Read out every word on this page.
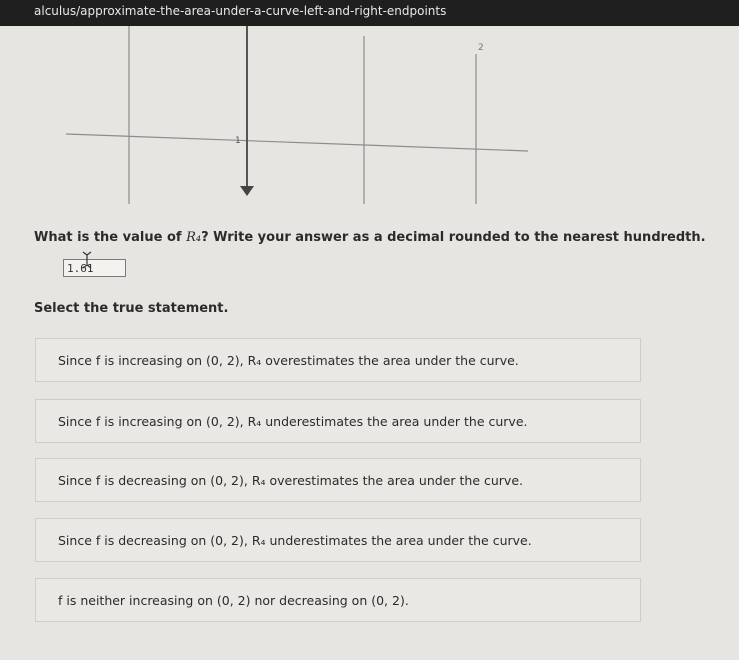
alculus/approximate-the-area-under-a-curve-left-and-right-endpoints
2
1
What is the value of R₄? Write your answer as a decimal rounded to the nearest hundredth.
1.61
Select the true statement.
Since f is increasing on (0, 2), R₄ overestimates the area under the curve.
Since f is increasing on (0, 2), R₄ underestimates the area under the curve.
Since f is decreasing on (0, 2), R₄ overestimates the area under the curve.
Since f is decreasing on (0, 2), R₄ underestimates the area under the curve.
f is neither increasing on (0, 2) nor decreasing on (0, 2).
